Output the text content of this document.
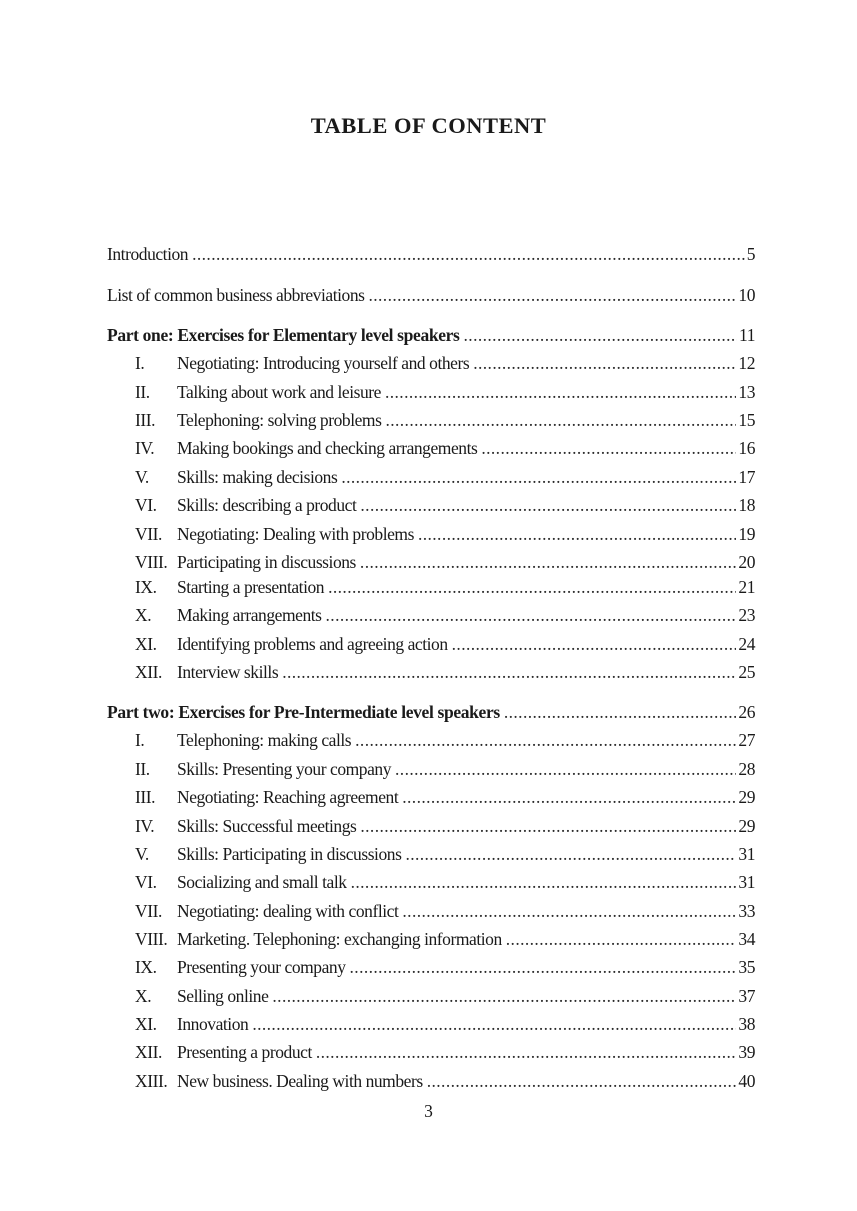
TABLE OF CONTENT
Introduction .....	5
List of common business abbreviations .....	10
Part one: Exercises for Elementary level speakers .....	11
I.	Negotiating: Introducing yourself and others .....	12
II.	Talking about work and leisure .....	13
III.	Telephoning: solving problems .....	15
IV.	Making bookings and checking arrangements .....	16
V.	Skills: making decisions .....	17
VI.	Skills: describing a product .....	18
VII. Negotiating: Dealing with problems .....	19
VIII. Participating in discussions .....	20
IX.	Starting a presentation .....	21
X.	Making arrangements .....	23
XI.	Identifying problems and agreeing action .....	24
XII. Interview skills .....	25
Part two: Exercises for Pre-Intermediate level speakers .....	26
I.	Telephoning: making calls .....	27
II.	Skills: Presenting your company .....	28
III.	Negotiating: Reaching agreement .....	29
IV.	Skills: Successful meetings .....	29
V.	Skills: Participating in discussions .....	31
VI.	Socializing and small talk .....	31
VII. Negotiating: dealing with conflict .....	33
VIII. Marketing. Telephoning: exchanging information .....	34
IX.	Presenting your company .....	35
X.	Selling online .....	37
XI.	Innovation .....	38
XII. Presenting a product .....	39
XIII. New business. Dealing with numbers .....	40

3
